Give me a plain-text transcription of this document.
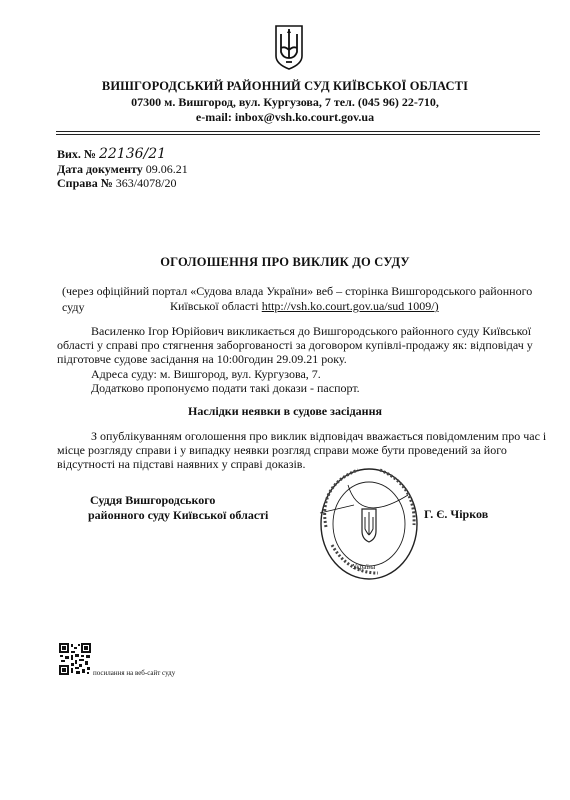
ВИШГОРОДСЬКИЙ РАЙОННИЙ СУД КИЇВСЬКОЇ ОБЛАСТІ
07300 м. Вишгород, вул. Кургузова, 7 тел. (045 96) 22-710,
e-mail: inbox@vsh.ko.court.gov.ua
Вих. № 22136/21
Дата документу 09.06.21
Справа № 363/4078/20
ОГОЛОШЕННЯ ПРО ВИКЛИК ДО СУДУ
(через офіційний портал «Судова влада України» веб – сторінка Вишгородського районного суду	Київської області http://vsh.ko.court.gov.ua/sud 1009/)
Василенко Ігор Юрійович викликається до Вишгородського районного суду Київської
області у справі про стягнення заборгованості за договором купівлі-продажу як: відповідач у
підготовче судове засідання на 10:00годин 29.09.21 року.
Адреса суду: м. Вишгород, вул. Кургузова, 7.
Додатково пропонуємо подати такі докази - паспорт.
Наслідки неявки в судове засідання
З опублікуванням оголошення про виклик відповідач вважається повідомленим про час і
місце розгляду справи і у випадку неявки розгляд справи може бути проведений за його
відсутності на підставі наявних у справі доказів.
Суддя Вишгородського
районного суду Київської області
Україна
Г. Є. Чірков
посилання на веб-сайт суду
